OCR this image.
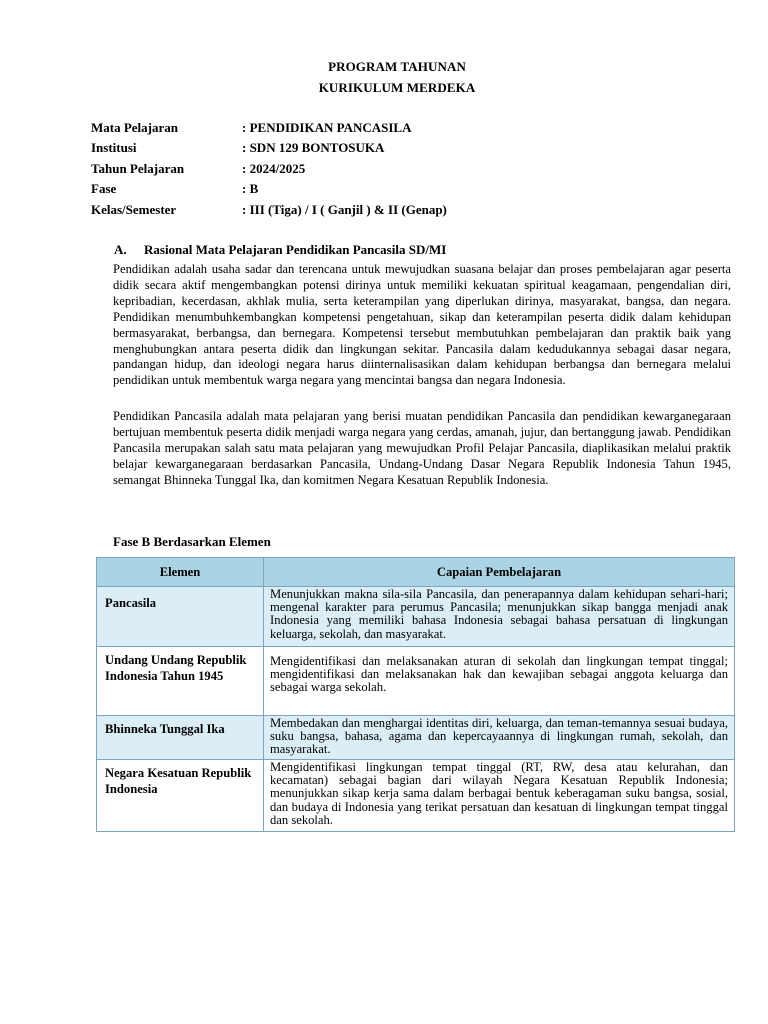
PROGRAM TAHUNAN
KURIKULUM MERDEKA
Mata Pelajaran	: PENDIDIKAN PANCASILA
Institusi	: SDN 129 BONTOSUKA
Tahun Pelajaran	: 2024/2025
Fase	: B
Kelas/Semester	: III (Tiga) / I ( Ganjil ) & II (Genap)
A. Rasional Mata Pelajaran Pendidikan Pancasila SD/MI
Pendidikan adalah usaha sadar dan terencana untuk mewujudkan suasana belajar dan proses pembelajaran agar peserta didik secara aktif mengembangkan potensi dirinya untuk memiliki kekuatan spiritual keagamaan, pengendalian diri, kepribadian, kecerdasan, akhlak mulia, serta keterampilan yang diperlukan dirinya, masyarakat, bangsa, dan negara. Pendidikan menumbuhkembangkan kompetensi pengetahuan, sikap dan keterampilan peserta didik dalam kehidupan bermasyarakat, berbangsa, dan bernegara. Kompetensi tersebut membutuhkan pembelajaran dan praktik baik yang menghubungkan antara peserta didik dan lingkungan sekitar. Pancasila dalam kedudukannya sebagai dasar negara, pandangan hidup, dan ideologi negara harus diinternalisasikan dalam kehidupan berbangsa dan bernegara melalui pendidikan untuk membentuk warga negara yang mencintai bangsa dan negara Indonesia.
Pendidikan Pancasila adalah mata pelajaran yang berisi muatan pendidikan Pancasila dan pendidikan kewarganegaraan bertujuan membentuk peserta didik menjadi warga negara yang cerdas, amanah, jujur, dan bertanggung jawab. Pendidikan Pancasila merupakan salah satu mata pelajaran yang mewujudkan Profil Pelajar Pancasila, diaplikasikan melalui praktik belajar kewarganegaraan berdasarkan Pancasila, Undang-Undang Dasar Negara Republik Indonesia Tahun 1945, semangat Bhinneka Tunggal Ika, dan komitmen Negara Kesatuan Republik Indonesia.
Fase B Berdasarkan Elemen
Elemen	Capaian Pembelajaran
Pancasila	Menunjukkan makna sila-sila Pancasila, dan penerapannya dalam kehidupan sehari-hari; mengenal karakter para perumus Pancasila; menunjukkan sikap bangga menjadi anak Indonesia yang memiliki bahasa Indonesia sebagai bahasa persatuan di lingkungan keluarga, sekolah, dan masyarakat.
Undang Undang Republik Indonesia Tahun 1945	Mengidentifikasi dan melaksanakan aturan di sekolah dan lingkungan tempat tinggal; mengidentifikasi dan melaksanakan hak dan kewajiban sebagai anggota keluarga dan sebagai warga sekolah.
Bhinneka Tunggal Ika	Membedakan dan menghargai identitas diri, keluarga, dan teman-temannya sesuai budaya, suku bangsa, bahasa, agama dan kepercayaannya di lingkungan rumah, sekolah, dan masyarakat.
Negara Kesatuan Republik Indonesia	Mengidentifikasi lingkungan tempat tinggal (RT, RW, desa atau kelurahan, dan kecamatan) sebagai bagian dari wilayah Negara Kesatuan Republik Indonesia; menunjukkan sikap kerja sama dalam berbagai bentuk keberagaman suku bangsa, sosial, dan budaya di Indonesia yang terikat persatuan dan kesatuan di lingkungan tempat tinggal dan sekolah.
